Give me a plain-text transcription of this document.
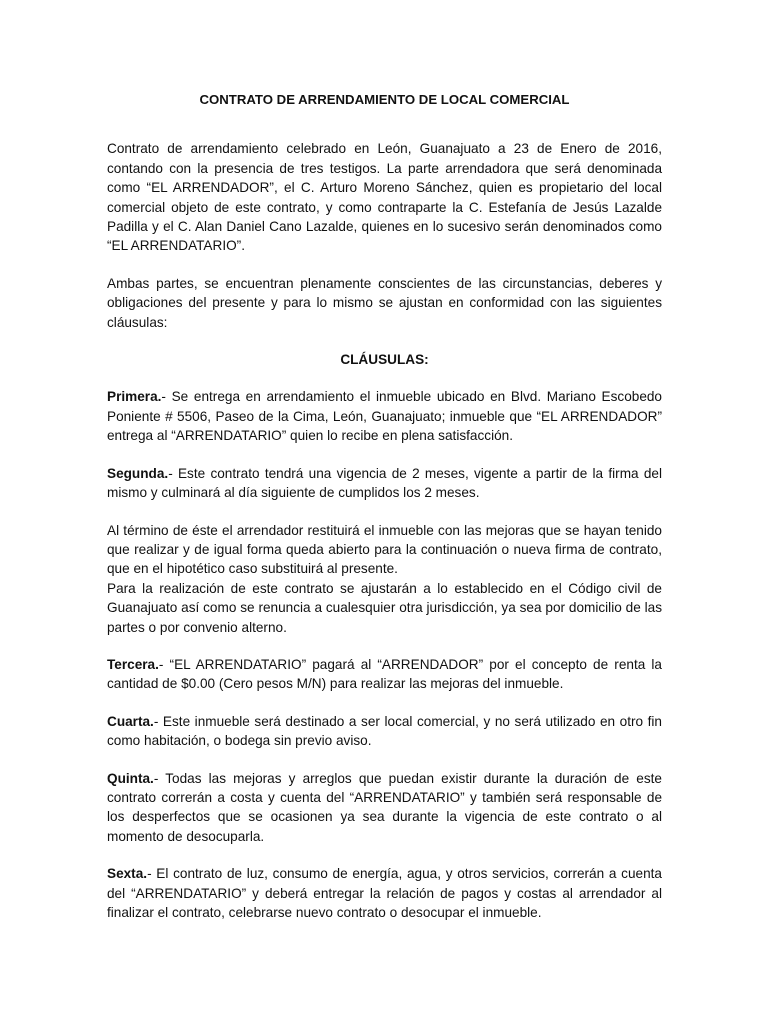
CONTRATO DE ARRENDAMIENTO DE LOCAL COMERCIAL

Contrato de arrendamiento celebrado en León, Guanajuato a 23 de Enero de 2016, contando con la presencia de tres testigos. La parte arrendadora que será denominada como “EL ARRENDADOR”, el C. Arturo Moreno Sánchez, quien es propietario del local comercial objeto de este contrato, y como contraparte la C. Estefanía de Jesús Lazalde Padilla y el C. Alan Daniel Cano Lazalde, quienes en lo sucesivo serán denominados como “EL ARRENDATARIO”.

Ambas partes, se encuentran plenamente conscientes de las circunstancias, deberes y obligaciones del presente y para lo mismo se ajustan en conformidad con las siguientes cláusulas:

CLÁUSULAS:

Primera.- Se entrega en arrendamiento el inmueble ubicado en Blvd. Mariano Escobedo Poniente # 5506, Paseo de la Cima, León, Guanajuato; inmueble que “EL ARRENDADOR” entrega al “ARRENDATARIO” quien lo recibe en plena satisfacción.

Segunda.- Este contrato tendrá una vigencia de 2 meses, vigente a partir de la firma del mismo y culminará al día siguiente de cumplidos los 2 meses.

Al término de éste el arrendador restituirá el inmueble con las mejoras que se hayan tenido que realizar y de igual forma queda abierto para la continuación o nueva firma de contrato, que en el hipotético caso substituirá al presente.

Para la realización de este contrato se ajustarán a lo establecido en el Código civil de Guanajuato así como se renuncia a cualesquier otra jurisdicción, ya sea por domicilio de las partes o por convenio alterno.

Tercera.- “EL ARRENDATARIO” pagará al “ARRENDADOR” por el concepto de renta la cantidad de $0.00 (Cero pesos M/N) para realizar las mejoras del inmueble.

Cuarta.- Este inmueble será destinado a ser local comercial, y no será utilizado en otro fin como habitación, o bodega sin previo aviso.

Quinta.- Todas las mejoras y arreglos que puedan existir durante la duración de este contrato correrán a costa y cuenta del “ARRENDATARIO” y también será responsable de los desperfectos que se ocasionen ya sea durante la vigencia de este contrato o al momento de desocuparla.

Sexta.- El contrato de luz, consumo de energía, agua, y otros servicios, correrán a cuenta del “ARRENDATARIO” y deberá entregar la relación de pagos y costas al arrendador al finalizar el contrato, celebrarse nuevo contrato o desocupar el inmueble.
